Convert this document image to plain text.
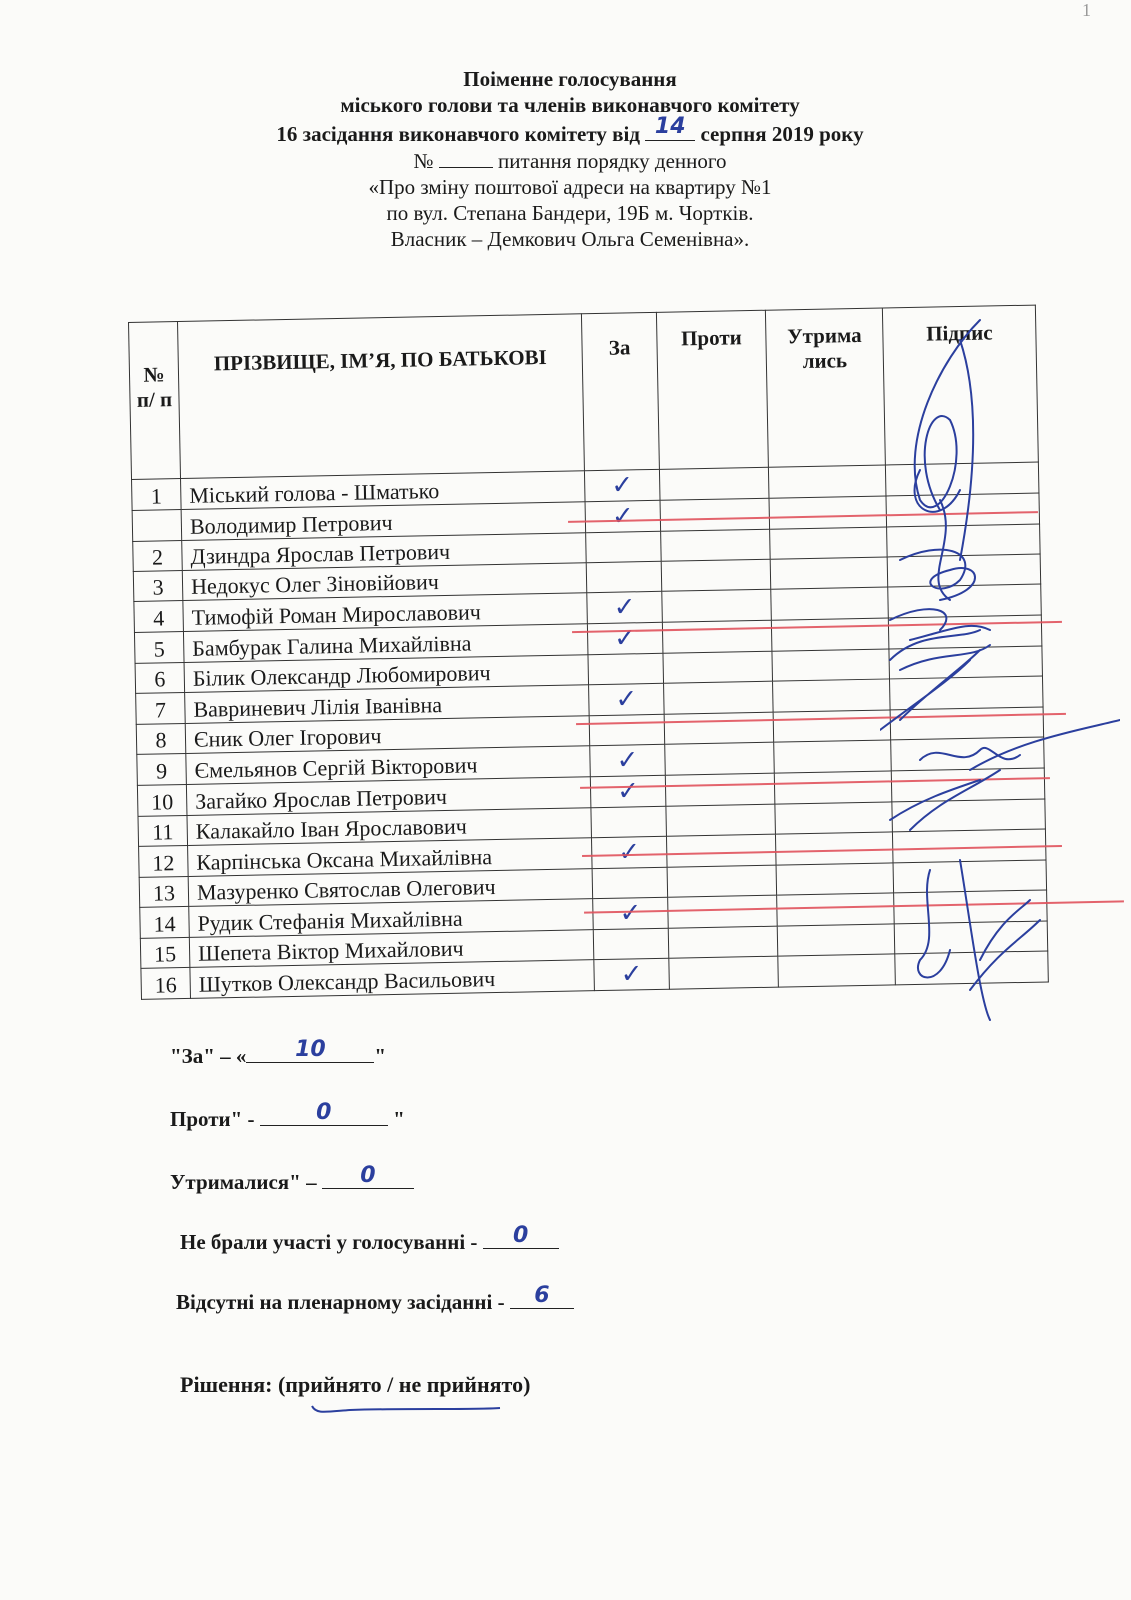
1
Поіменне голосування
міського голови та членів виконавчого комітету
16 засідання виконавчого комітету від 14 серпня 2019 року
№	питання порядку денного
«Про зміну поштової адреси на квартиру №1
по вул. Степана Бандери, 19Б м. Чортків.
Власник – Демкович Ольга Семенівна».
№ п/ п	ПРІЗВИЩЕ, ІМ’Я, ПО БАТЬКОВІ	За	Проти	Утрима лись	Підпис
1	Міський голова - Шматько	✓			
	Володимир Петрович	✓			
2	Дзиндра Ярослав Петрович				
3	Недокус Олег Зіновійович				
4	Тимофій Роман Мирославович	✓			
5	Бамбурак Галина Михайлівна	✓			
6	Білик Олександр Любомирович				
7	Вавриневич Лілія Іванівна	✓			
8	Єник Олег Ігорович				
9	Ємельянов Сергій Вікторович	✓			
10	Загайко Ярослав Петрович	✓			
11	Калакайло Іван Ярославович				
12	Карпінська Оксана Михайлівна	✓			
13	Мазуренко Святослав Олегович				
14	Рудик Стефанія Михайлівна	✓			
15	Шепета Віктор Михайлович				
16	Шутков Олександр Васильович	✓			
"За" – «	10	"
Проти" -	0	"
Утрималися" –	0
Не брали участі у голосуванні -	0
Відсутні на пленарному засіданні -	6
Рішення: (прийнято / не прийнято)
